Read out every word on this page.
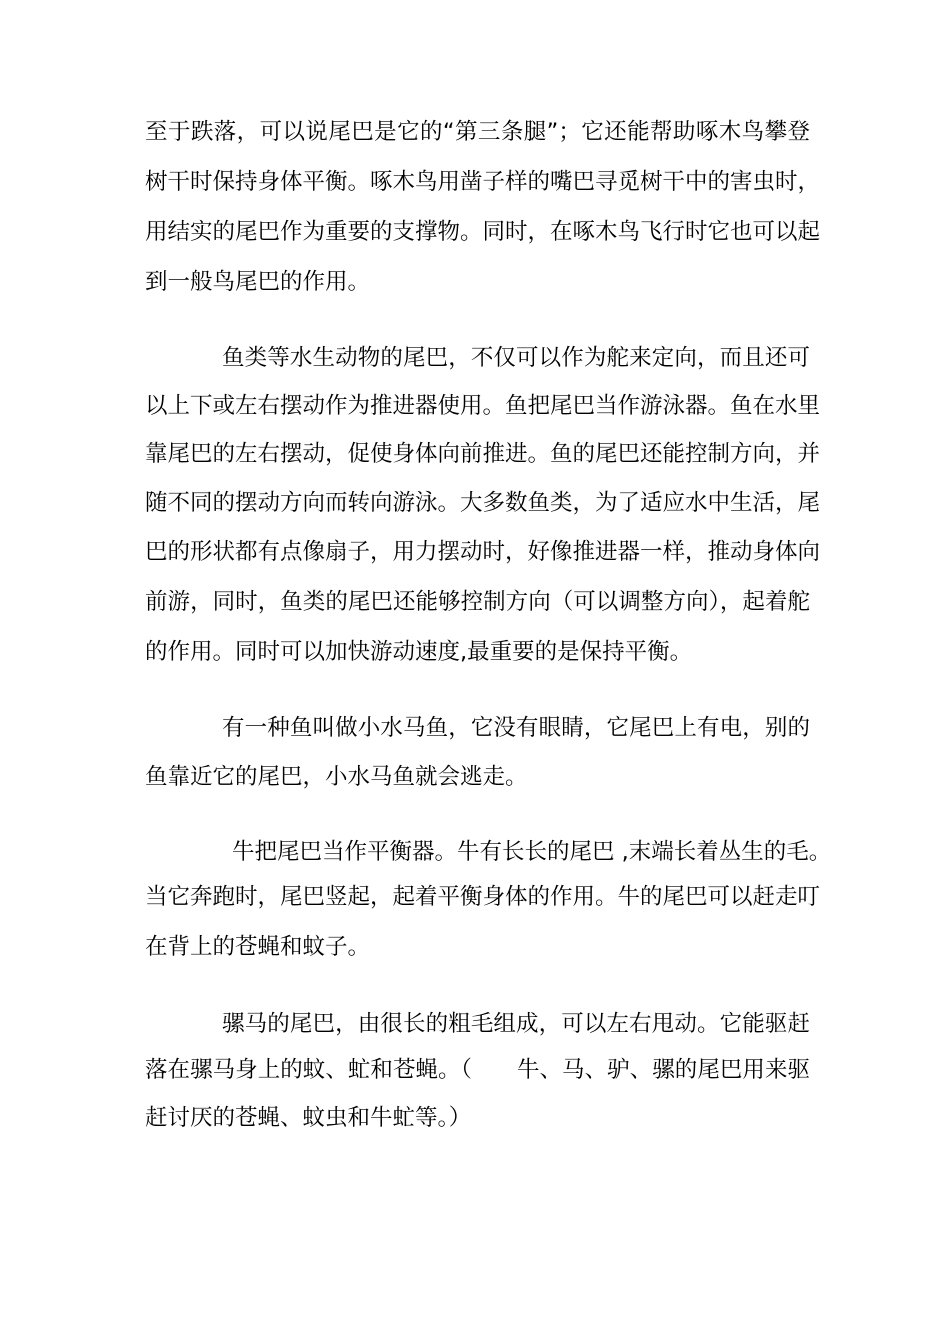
至于跌落，可以说尾巴是它的“第三条腿”；它还能帮助啄木鸟攀登
树干时保持身体平衡。啄木鸟用凿子样的嘴巴寻觅树干中的害虫时，
用结实的尾巴作为重要的支撑物。同时，在啄木鸟飞行时它也可以起
到一般鸟尾巴的作用。
鱼类等水生动物的尾巴，不仅可以作为舵来定向，而且还可
以上下或左右摆动作为推进器使用。鱼把尾巴当作游泳器。鱼在水里
靠尾巴的左右摆动，促使身体向前推进。鱼的尾巴还能控制方向，并
随不同的摆动方向而转向游泳。大多数鱼类，为了适应水中生活，尾
巴的形状都有点像扇子，用力摆动时，好像推进器一样，推动身体向
前游，同时，鱼类的尾巴还能够控制方向（可以调整方向），起着舵
的作用。同时可以加快游动速度,最重要的是保持平衡。
有一种鱼叫做小水马鱼，它没有眼睛，它尾巴上有电，别的
鱼靠近它的尾巴，小水马鱼就会逃走。
牛把尾巴当作平衡器。牛有长长的尾巴 ,末端长着丛生的毛。
当它奔跑时，尾巴竖起，起着平衡身体的作用。牛的尾巴可以赶走叮
在背上的苍蝇和蚊子。
骡马的尾巴，由很长的粗毛组成，可以左右甩动。它能驱赶
落在骡马身上的蚊、虻和苍蝇。（　　牛、马、驴、骡的尾巴用来驱
赶讨厌的苍蝇、蚊虫和牛虻等。）
